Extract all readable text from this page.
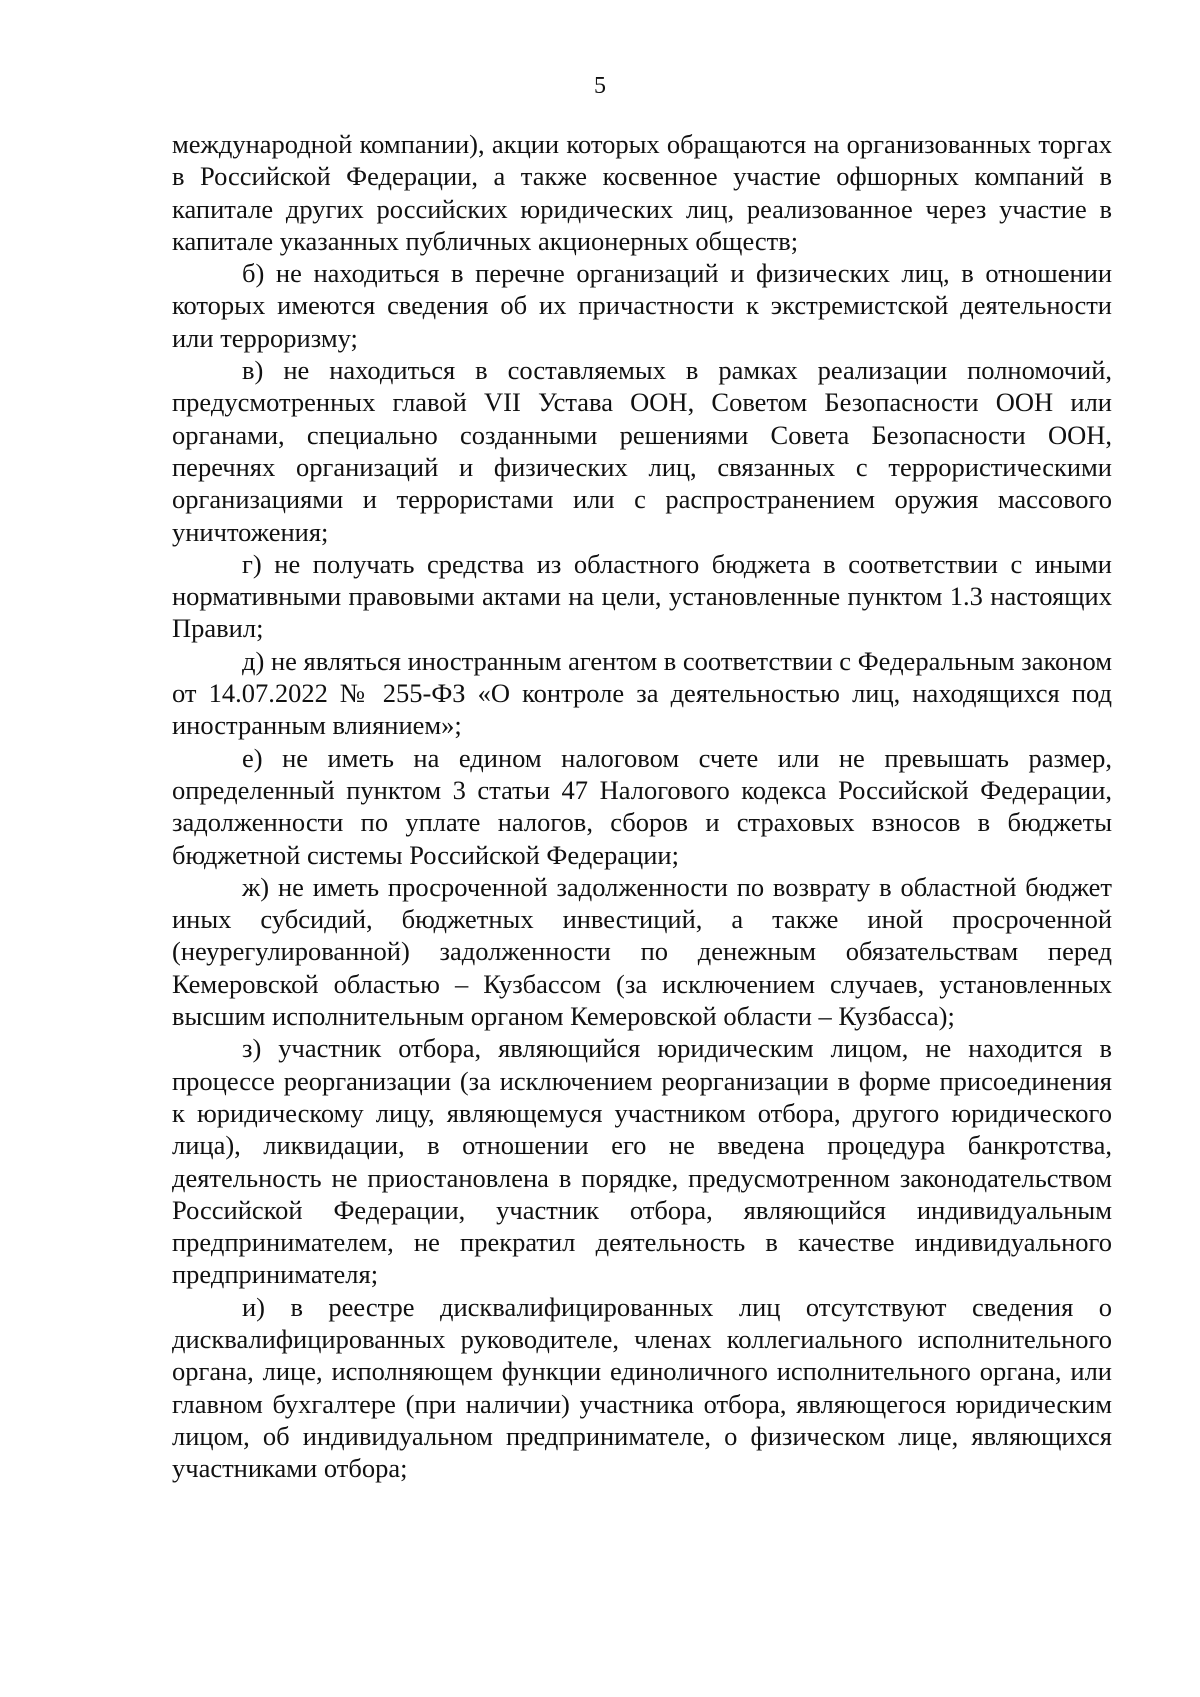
5

международной компании), акции которых обращаются на организованных торгах в Российской Федерации, а также косвенное участие офшорных компаний в капитале других российских юридических лиц, реализованное через участие в капитале указанных публичных акционерных обществ;

б) не находиться в перечне организаций и физических лиц, в отношении которых имеются сведения об их причастности к экстремистской деятельности или терроризму;

в) не находиться в составляемых в рамках реализации полномочий, предусмотренных главой VII Устава ООН, Советом Безопасности ООН или органами, специально созданными решениями Совета Безопасности ООН, перечнях организаций и физических лиц, связанных с террористическими организациями и террористами или с распространением оружия массового уничтожения;

г) не получать средства из областного бюджета в соответствии с иными нормативными правовыми актами на цели, установленные пунктом 1.3 настоящих Правил;

д) не являться иностранным агентом в соответствии с Федеральным законом от 14.07.2022 № 255-ФЗ «О контроле за деятельностью лиц, находящихся под иностранным влиянием»;

е) не иметь на едином налоговом счете или не превышать размер, определенный пунктом 3 статьи 47 Налогового кодекса Российской Федерации, задолженности по уплате налогов, сборов и страховых взносов в бюджеты бюджетной системы Российской Федерации;

ж) не иметь просроченной задолженности по возврату в областной бюджет иных субсидий, бюджетных инвестиций, а также иной просроченной (неурегулированной) задолженности по денежным обязательствам перед Кемеровской областью – Кузбассом (за исключением случаев, установленных высшим исполнительным органом Кемеровской области – Кузбасса);

з) участник отбора, являющийся юридическим лицом, не находится в процессе реорганизации (за исключением реорганизации в форме присоединения к юридическому лицу, являющемуся участником отбора, другого юридического лица), ликвидации, в отношении его не введена процедура банкротства, деятельность не приостановлена в порядке, предусмотренном законодательством Российской Федерации, участник отбора, являющийся индивидуальным предпринимателем, не прекратил деятельность в качестве индивидуального предпринимателя;

и) в реестре дисквалифицированных лиц отсутствуют сведения о дисквалифицированных руководителе, членах коллегиального исполнительного органа, лице, исполняющем функции единоличного исполнительного органа, или главном бухгалтере (при наличии) участника отбора, являющегося юридическим лицом, об индивидуальном предпринимателе, о физическом лице, являющихся участниками отбора;
